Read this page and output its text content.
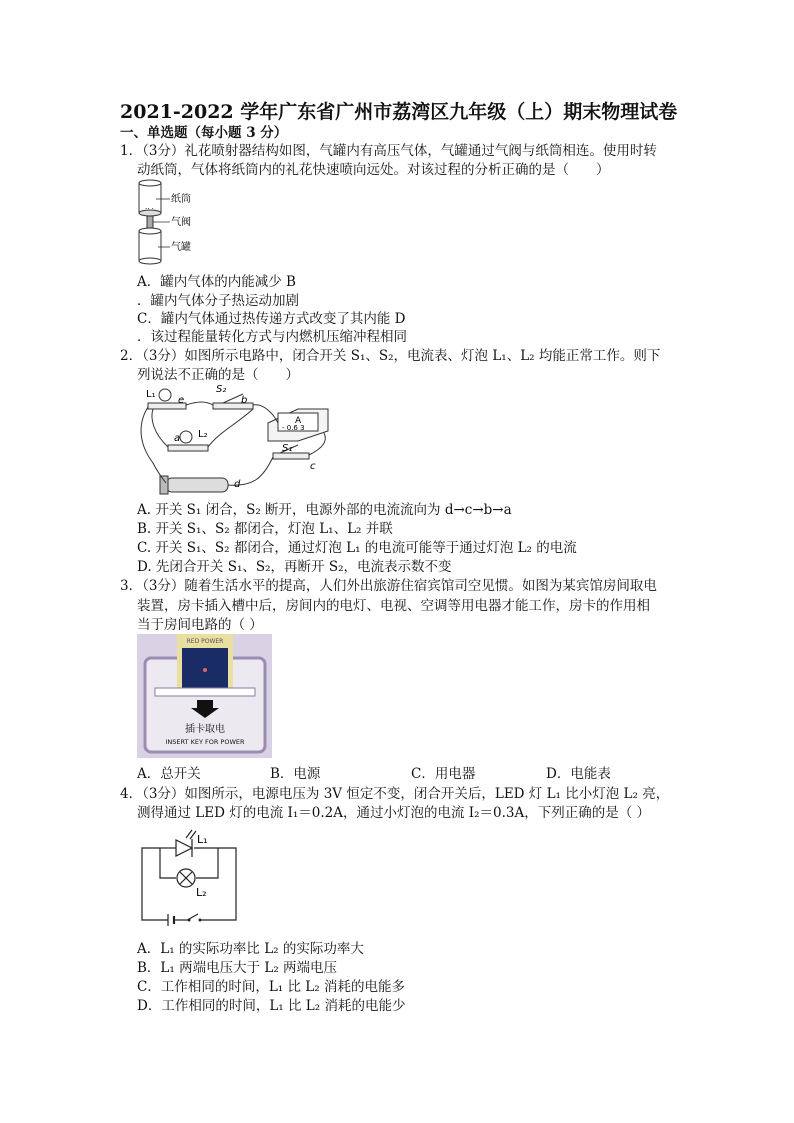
2021-2022 学年广东省广州市荔湾区九年级（上）期末物理试卷
一、单选题（每小题 3 分）
1．（3分）礼花喷射器结构如图，气罐内有高压气体，气罐通过气阀与纸筒相连。使用时转
动纸筒，气体将纸筒内的礼花快速喷向远处。对该过程的分析正确的是（　　）
.. .
纸筒
气阀
气罐
A．罐内气体的内能减少 B
．罐内气体分子热运动加剧
C．罐内气体通过热传递方式改变了其内能 D
．该过程能量转化方式与内燃机压缩冲程相同
2．（3分）如图所示电路中，闭合开关 S₁、S₂，电流表、灯泡 L₁、L₂ 均能正常工作。则下
列说法不正确的是（　　）
L₁
L₂
S₂
S₁
A
- 0.6 3
a
b
c
d
e
A. 开关 S₁ 闭合，S₂ 断开，电源外部的电流流向为 d→c→b→a
B. 开关 S₁、S₂ 都闭合，灯泡 L₁、L₂ 并联
C. 开关 S₁、S₂ 都闭合，通过灯泡 L₁ 的电流可能等于通过灯泡 L₂ 的电流
D. 先闭合开关 S₁、S₂，再断开 S₂，电流表示数不变
3．（3分）随着生活水平的提高，人们外出旅游住宿宾馆司空见惯。如图为某宾馆房间取电
装置，房卡插入槽中后，房间内的电灯、电视、空调等用电器才能工作，房卡的作用相
当于房间电路的（ ）
RED POWER
插卡取电
INSERT KEY FOR POWER
A．总开关	B．电源	C．用电器	D．电能表
4．（3分）如图所示，电源电压为 3V 恒定不变，闭合开关后，LED 灯 L₁ 比小灯泡 L₂ 亮，
测得通过 LED 灯的电流 I₁＝0.2A，通过小灯泡的电流 I₂＝0.3A，下列正确的是（ ）
L₁
L₂
A．L₁ 的实际功率比 L₂ 的实际功率大
B．L₁ 两端电压大于 L₂ 两端电压
C．工作相同的时间，L₁ 比 L₂ 消耗的电能多
D．工作相同的时间，L₁ 比 L₂ 消耗的电能少
